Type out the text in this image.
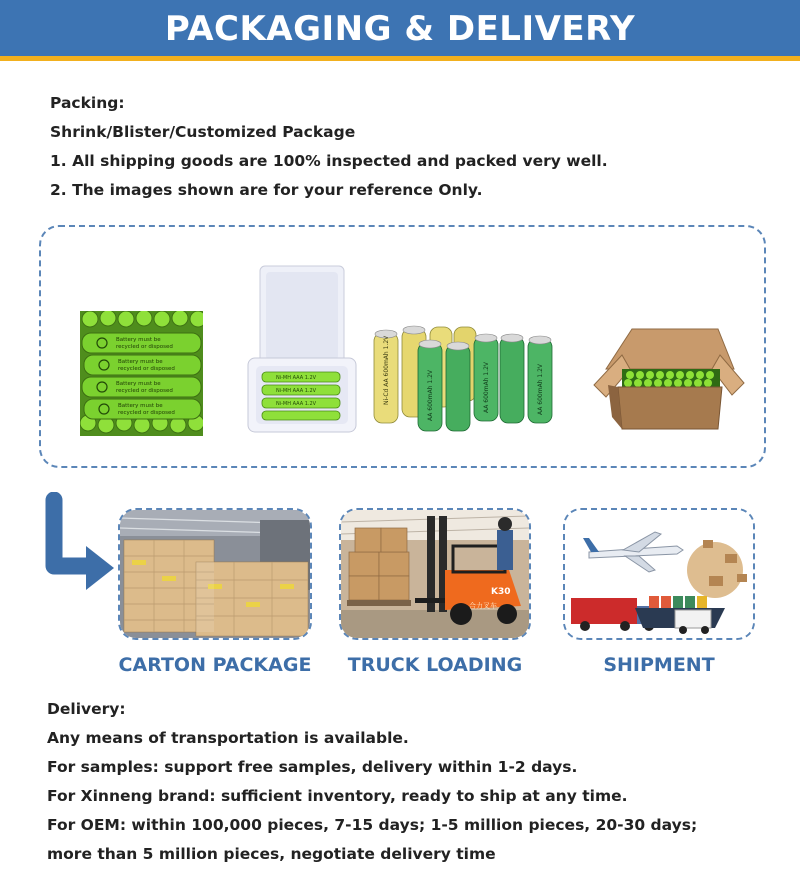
PACKAGING & DELIVERY
Packing:
Shrink/Blister/Customized Package
1. All shipping goods are 100% inspected and packed very well.
2. The images shown are for your reference Only.
Battery must be
recycled or disposed
Battery must be
recycled or disposed
Battery must be
recycled or disposed
Battery must be
recycled or disposed
Ni-MH AAA 1.2V
Ni-MH AAA 1.2V
Ni-MH AAA 1.2V	Ni-Cd AA 600mAh 1.2V	AA 600mAh 1.2V	AA 600mAh 1.2V	AA 600mAh 1.2V
K30
合力叉车
CARTON PACKAGE	TRUCK LOADING	SHIPMENT
Delivery:
Any means of transportation is available.
For samples: support free samples, delivery within 1-2 days.
For Xinneng brand: sufficient inventory, ready to ship at any time.
For OEM: within 100,000 pieces, 7-15 days; 1-5 million pieces, 20-30 days;
more than 5 million pieces, negotiate delivery time
